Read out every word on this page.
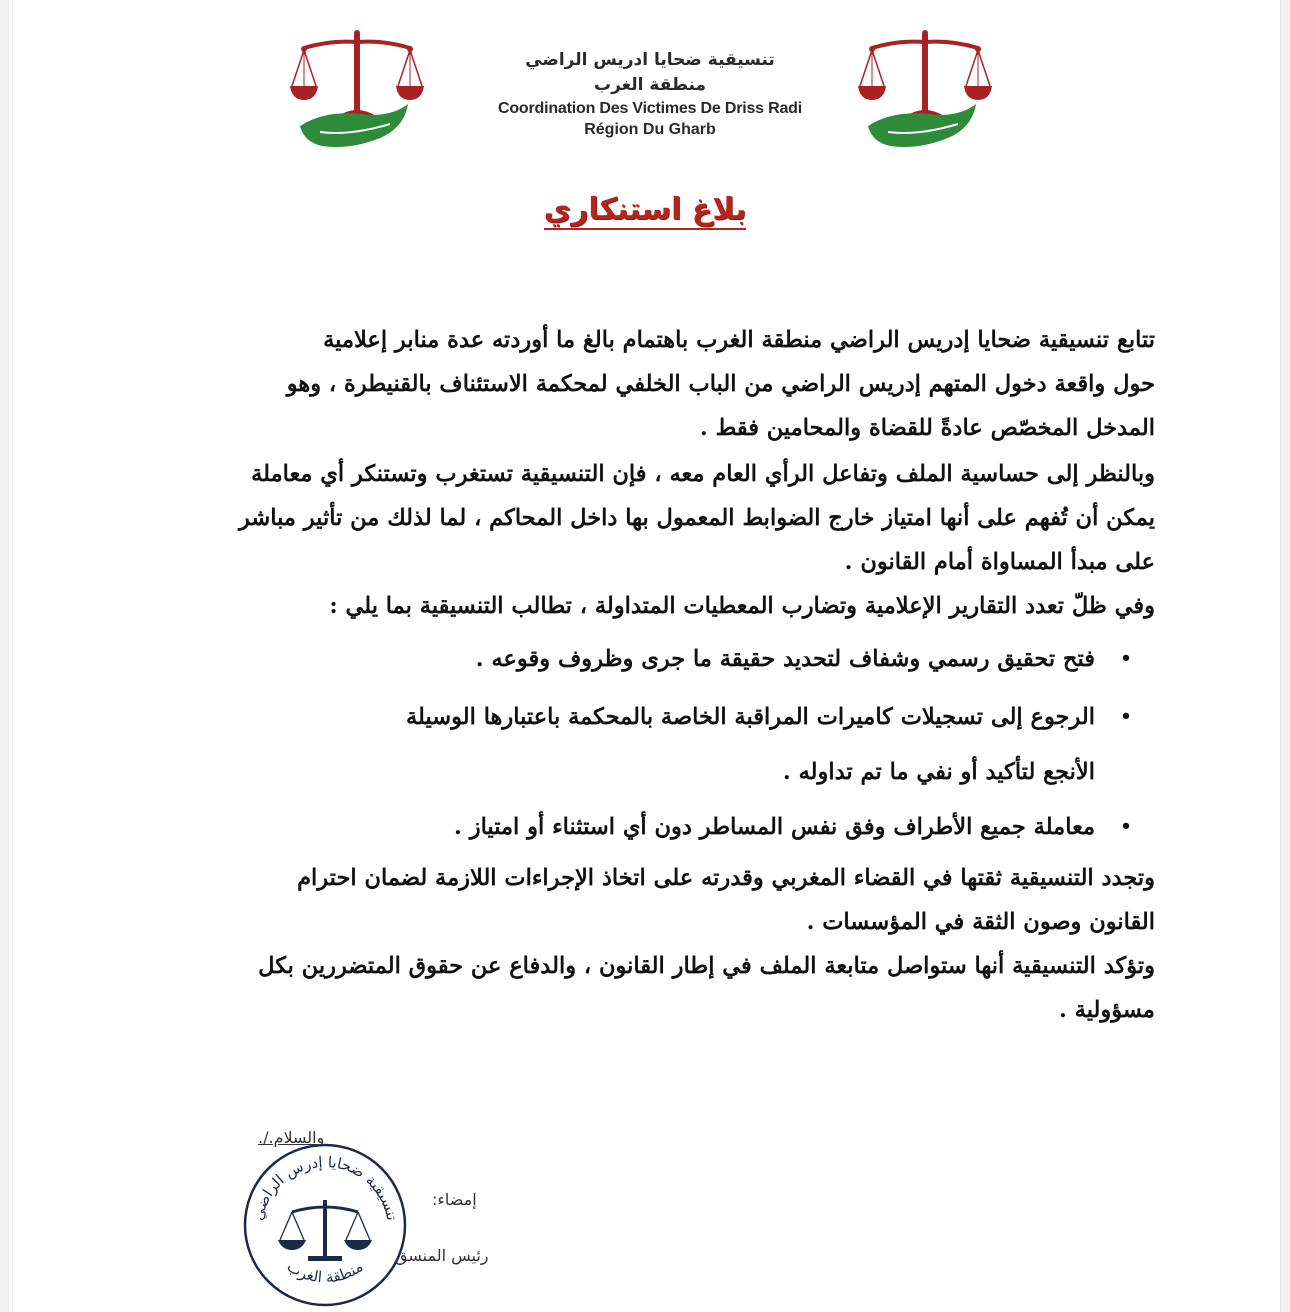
تنسيقية ضحايا ادريس الراضي
منطقة الغرب
Coordination Des Victimes De Driss Radi
Région Du Gharb
بلاغ استنكاري
تتابع تنسيقية ضحايا إدريس الراضي منطقة الغرب باهتمام بالغ ما أوردته عدة منابر إعلامية
حول واقعة دخول المتهم إدريس الراضي من الباب الخلفي لمحكمة الاستئناف بالقنيطرة ، وهو
المدخل المخصّص عادةً للقضاة والمحامين فقط .
وبالنظر إلى حساسية الملف وتفاعل الرأي العام معه ، فإن التنسيقية تستغرب وتستنكر أي معاملة
يمكن أن تُفهم على أنها امتياز خارج الضوابط المعمول بها داخل المحاكم ، لما لذلك من تأثير مباشر
على مبدأ المساواة أمام القانون .
وفي ظلّ تعدد التقارير الإعلامية وتضارب المعطيات المتداولة ، تطالب التنسيقية بما يلي :
•
فتح تحقيق رسمي وشفاف لتحديد حقيقة ما جرى وظروف وقوعه .
•
الرجوع إلى تسجيلات كاميرات المراقبة الخاصة بالمحكمة باعتبارها الوسيلة
الأنجع لتأكيد أو نفي ما تم تداوله .
•
معاملة جميع الأطراف وفق نفس المساطر دون أي استثناء أو امتياز .
وتجدد التنسيقية ثقتها في القضاء المغربي وقدرته على اتخاذ الإجراءات اللازمة لضمان احترام
القانون وصون الثقة في المؤسسات .
وتؤكد التنسيقية أنها ستواصل متابعة الملف في إطار القانون ، والدفاع عن حقوق المتضررين بكل
مسؤولية .
تنسيقية ضحايا إدرس الراضي
منطقة الغرب
والسلام./.
إمضاء:
رئيس المنسق
